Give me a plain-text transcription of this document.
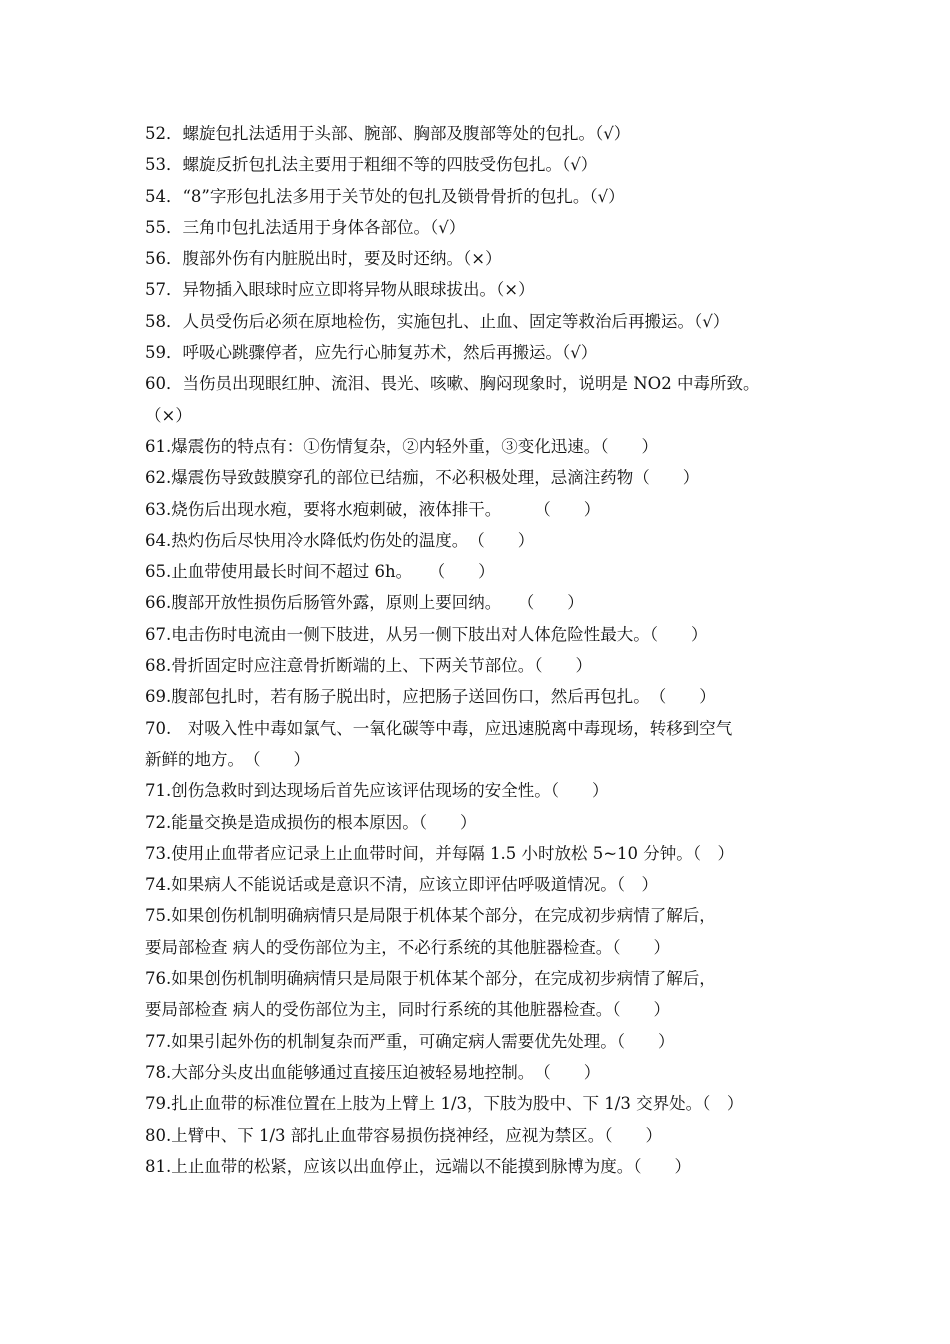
52．螺旋包扎法适用于头部、腕部、胸部及腹部等处的包扎。（√）
53．螺旋反折包扎法主要用于粗细不等的四肢受伤包扎。（√）
54．“8”字形包扎法多用于关节处的包扎及锁骨骨折的包扎。（√）
55．三角巾包扎法适用于身体各部位。（√）
56．腹部外伤有内脏脱出时，要及时还纳。（×）
57．异物插入眼球时应立即将异物从眼球拔出。（×）
58．人员受伤后必须在原地检伤，实施包扎、止血、固定等救治后再搬运。（√）
59．呼吸心跳骤停者，应先行心肺复苏术，然后再搬运。（√）
60．当伤员出现眼红肿、流泪、畏光、咳嗽、胸闷现象时，说明是 NO2 中毒所致。
（×）
61.爆震伤的特点有：①伤情复杂，②内轻外重，③变化迅速。（　　）
62.爆震伤导致鼓膜穿孔的部位已结痂，不必积极处理，忌滴注药物（　　）
63.烧伤后出现水疱，要将水疱刺破，液体排干。　　　（　　）
64.热灼伤后尽快用冷水降低灼伤处的温度。　（　　）
65.止血带使用最长时间不超过 6h。　　（　　）
66.腹部开放性损伤后肠管外露，原则上要回纳。　　（　　）
67.电击伤时电流由一侧下肢进，从另一侧下肢出对人体危险性最大。（　　）
68.骨折固定时应注意骨折断端的上、下两关节部位。（　　）
69.腹部包扎时，若有肠子脱出时，应把肠子送回伤口，然后再包扎。　（　　）
70.　对吸入性中毒如氯气、一氧化碳等中毒，应迅速脱离中毒现场，转移到空气
新鲜的地方。　（　　）
71.创伤急救时到达现场后首先应该评估现场的安全性。（　　）
72.能量交换是造成损伤的根本原因。（　　）
73.使用止血带者应记录上止血带时间，并每隔 1.5 小时放松 5~10 分钟。（　）
74.如果病人不能说话或是意识不清，应该立即评估呼吸道情况。（　）
75.如果创伤机制明确病情只是局限于机体某个部分，在完成初步病情了解后，
要局部检查 病人的受伤部位为主，不必行系统的其他脏器检查。（　　）
76.如果创伤机制明确病情只是局限于机体某个部分，在完成初步病情了解后，
要局部检查 病人的受伤部位为主，同时行系统的其他脏器检查。（　　）
77.如果引起外伤的机制复杂而严重，可确定病人需要优先处理。（　　）
78.大部分头皮出血能够通过直接压迫被轻易地控制。　（　　）
79.扎止血带的标准位置在上肢为上臂上 1/3，下肢为股中、下 1/3 交界处。（　）
80.上臂中、下 1/3 部扎止血带容易损伤挠神经，应视为禁区。（　　）
81.上止血带的松紧，应该以出血停止，远端以不能摸到脉博为度。（　　）
